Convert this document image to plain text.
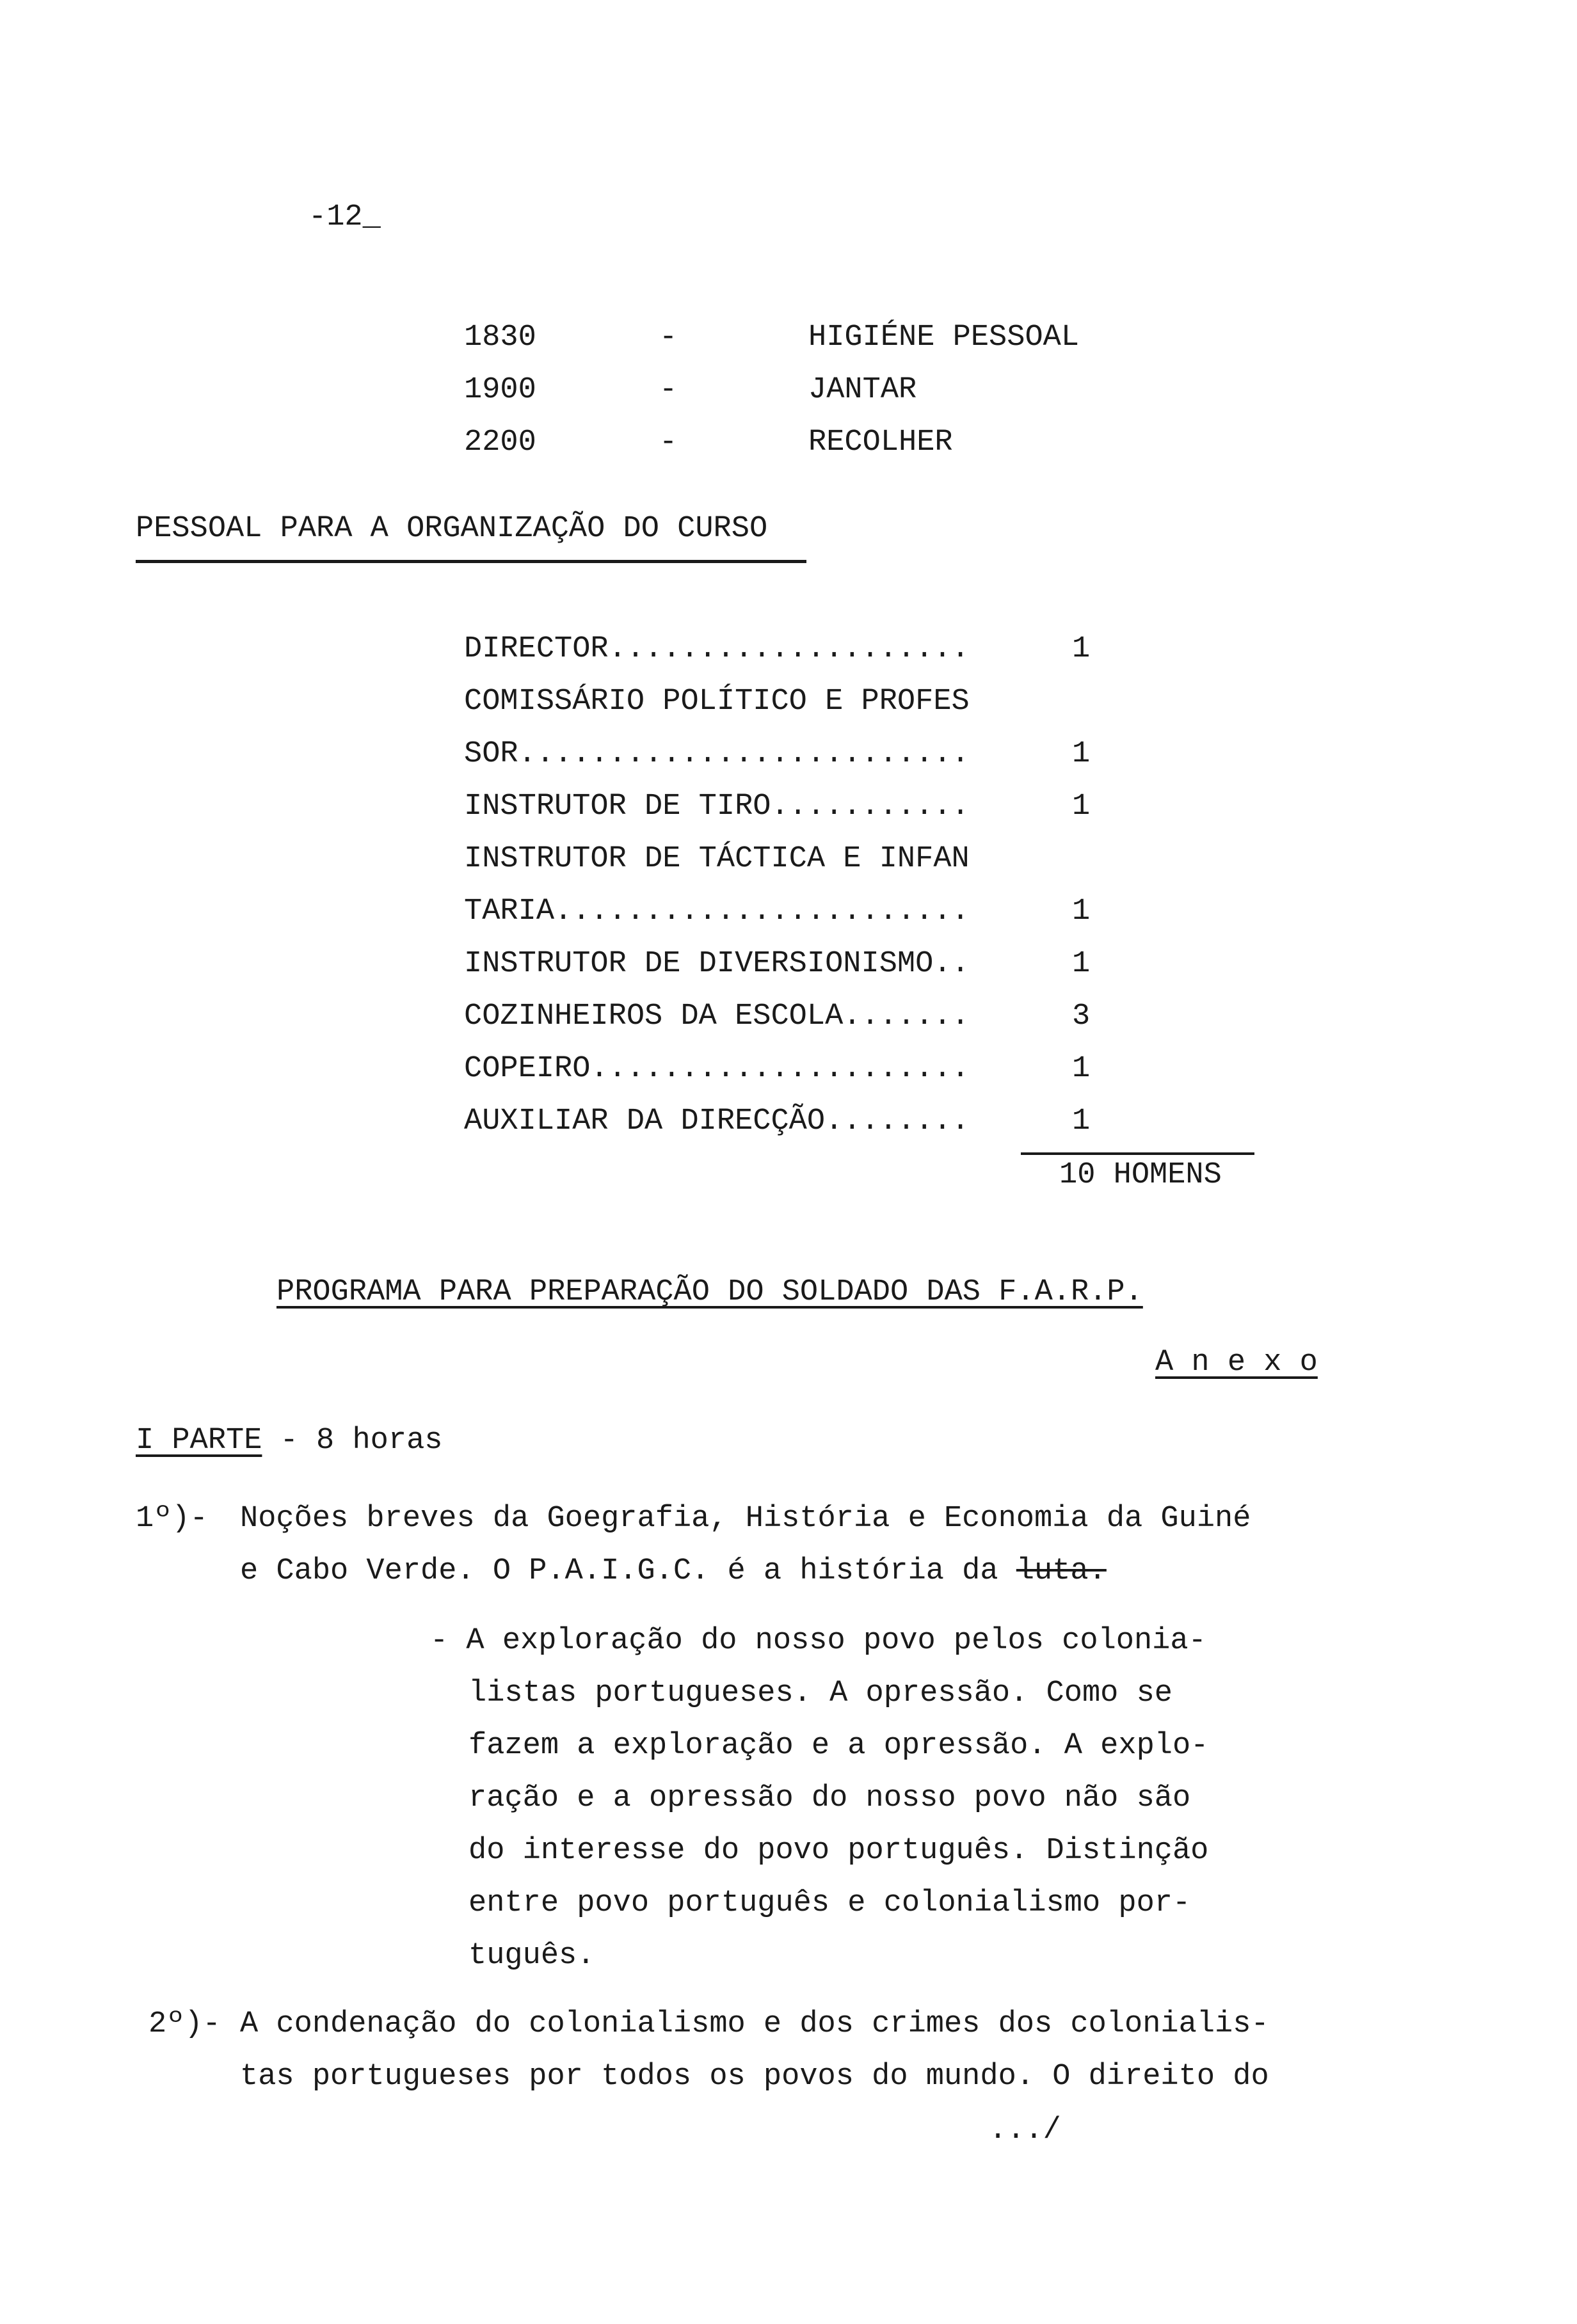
-12_
1830	-	HIGIÉNE PESSOAL
1900	-	JANTAR
2200	-	RECOLHER
PESSOAL PARA A ORGANIZAÇÃO DO CURSO
DIRECTOR....................	1
COMISSÁRIO POLÍTICO E PROFES
SOR.........................	1
INSTRUTOR DE TIRO...........	1
INSTRUTOR DE TÁCTICA E INFAN
TARIA.......................	1
INSTRUTOR DE DIVERSIONISMO..	1
COZINHEIROS DA ESCOLA.......	3
COPEIRO.....................	1
AUXILIAR DA DIRECÇÃO........	1
10 HOMENS
PROGRAMA PARA PREPARAÇÃO DO SOLDADO DAS F.A.R.P.
A n e x o
I PARTE - 8 horas
1º)- Noções breves da Goegrafia, História e Economia da Guiné
e Cabo Verde. O P.A.I.G.C. é a história da luta.
- A exploração do nosso povo pelos colonia-
listas portugueses. A opressão. Como se
fazem a exploração e a opressão. A explo-
ração e a opressão do nosso povo não são
do interesse do povo português. Distinção
entre povo português e colonialismo por-
tuguês.
2º)- A condenação do colonialismo e dos crimes dos colonialis-
tas portugueses por todos os povos do mundo. O direito do
.../
